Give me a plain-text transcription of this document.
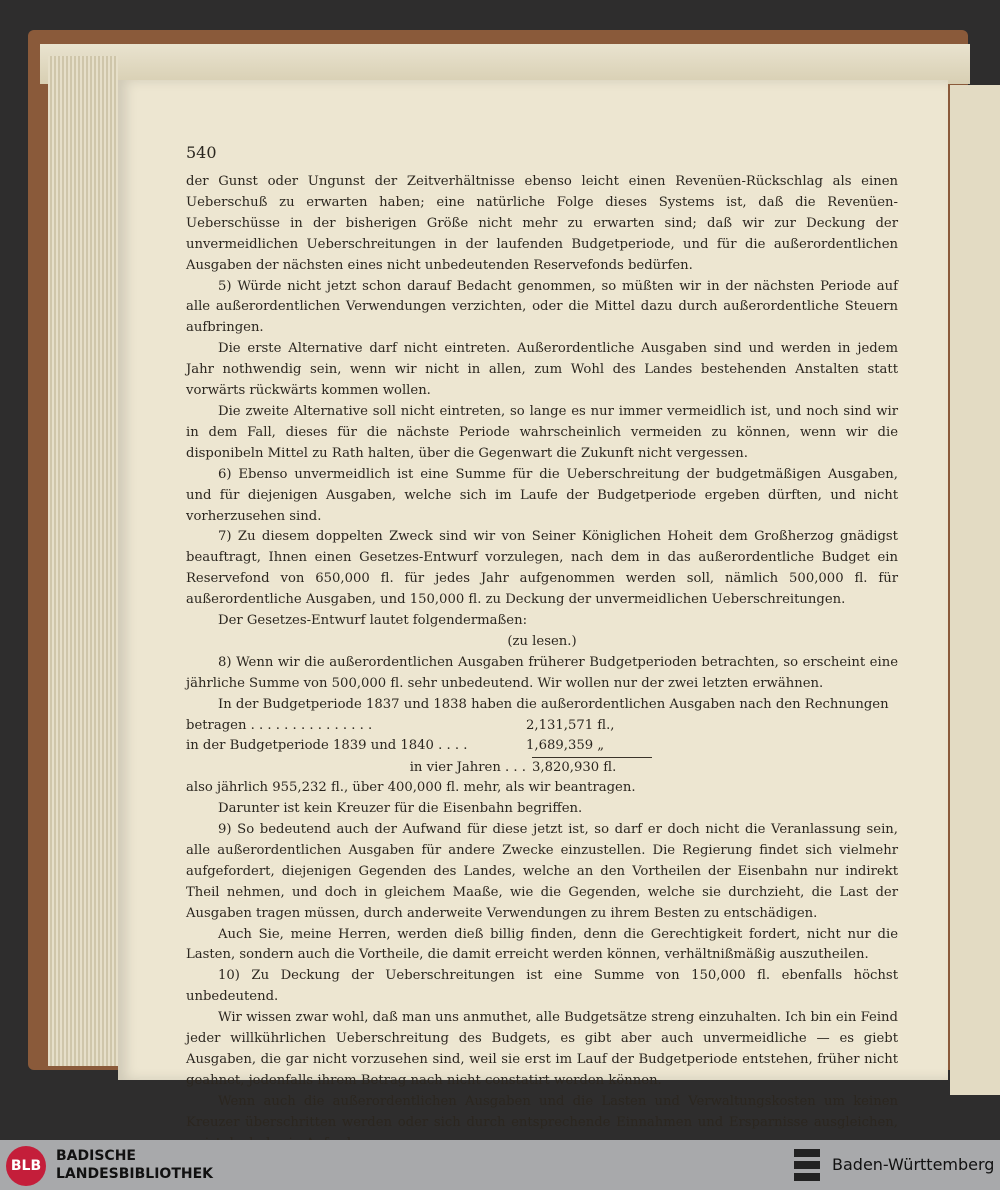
540

der Gunst oder Ungunst der Zeitverhältnisse ebenso leicht einen Revenüen-Rückschlag als einen Ueberschuß zu erwarten haben; eine natürliche Folge dieses Systems ist, daß die Revenüen-Ueberschüsse in der bisherigen Größe nicht mehr zu erwarten sind; daß wir zur Deckung der unvermeidlichen Ueberschreitungen in der laufenden Budgetperiode, und für die außerordentlichen Ausgaben der nächsten eines nicht unbedeutenden Reservefonds bedürfen.

5) Würde nicht jetzt schon darauf Bedacht genommen, so müßten wir in der nächsten Periode auf alle außerordentlichen Verwendungen verzichten, oder die Mittel dazu durch außerordentliche Steuern aufbringen.

Die erste Alternative darf nicht eintreten. Außerordentliche Ausgaben sind und werden in jedem Jahr nothwendig sein, wenn wir nicht in allen, zum Wohl des Landes bestehenden Anstalten statt vorwärts rückwärts kommen wollen.

Die zweite Alternative soll nicht eintreten, so lange es nur immer vermeidlich ist, und noch sind wir in dem Fall, dieses für die nächste Periode wahrscheinlich vermeiden zu können, wenn wir die disponibeln Mittel zu Rath halten, über die Gegenwart die Zukunft nicht vergessen.

6) Ebenso unvermeidlich ist eine Summe für die Ueberschreitung der budgetmäßigen Ausgaben, und für diejenigen Ausgaben, welche sich im Laufe der Budgetperiode ergeben dürften, und nicht vorherzusehen sind.

7) Zu diesem doppelten Zweck sind wir von Seiner Königlichen Hoheit dem Großherzog gnädigst beauftragt, Ihnen einen Gesetzes-Entwurf vorzulegen, nach dem in das außerordentliche Budget ein Reservefond von 650,000 fl. für jedes Jahr aufgenommen werden soll, nämlich 500,000 fl. für außerordentliche Ausgaben, und 150,000 fl. zu Deckung der unvermeidlichen Ueberschreitungen.

Der Gesetzes-Entwurf lautet folgendermaßen:

(zu lesen.)

8) Wenn wir die außerordentlichen Ausgaben früherer Budgetperioden betrachten, so erscheint eine jährliche Summe von 500,000 fl. sehr unbedeutend. Wir wollen nur der zwei letzten erwähnen.

In der Budgetperiode 1837 und 1838 haben die außerordentlichen Ausgaben nach den Rechnungen

betragen . . . . . . . . . . . . . . .	2,131,571 fl.,
in der Budgetperiode 1839 und 1840 . . . .	1,689,359 „
in vier Jahren . . . 3,820,930 fl.

also jährlich 955,232 fl., über 400,000 fl. mehr, als wir beantragen.

Darunter ist kein Kreuzer für die Eisenbahn begriffen.

9) So bedeutend auch der Aufwand für diese jetzt ist, so darf er doch nicht die Veranlassung sein, alle außerordentlichen Ausgaben für andere Zwecke einzustellen. Die Regierung findet sich vielmehr aufgefordert, diejenigen Gegenden des Landes, welche an den Vortheilen der Eisenbahn nur indirekt Theil nehmen, und doch in gleichem Maaße, wie die Gegenden, welche sie durchzieht, die Last der Ausgaben tragen müssen, durch anderweite Verwendungen zu ihrem Besten zu entschädigen.

Auch Sie, meine Herren, werden dieß billig finden, denn die Gerechtigkeit fordert, nicht nur die Lasten, sondern auch die Vortheile, die damit erreicht werden können, verhältnißmäßig auszutheilen.

10) Zu Deckung der Ueberschreitungen ist eine Summe von 150,000 fl. ebenfalls höchst unbedeutend.

Wir wissen zwar wohl, daß man uns anmuthet, alle Budgetsätze streng einzuhalten. Ich bin ein Feind jeder willkührlichen Ueberschreitung des Budgets, es gibt aber auch unvermeidliche — es giebt Ausgaben, die gar nicht vorzusehen sind, weil sie erst im Lauf der Budgetperiode entstehen, früher nicht geahnet, jedenfalls ihrem Betrag nach nicht constatirt werden können.

Wenn auch die außerordentlichen Ausgaben und die Lasten und Verwaltungskosten um keinen Kreuzer überschritten werden oder sich durch entsprechende Einnahmen und Ersparnisse ausgleichen,

BLB
BADISCHE
LANDESBIBLIOTHEK	Baden-Württemberg
